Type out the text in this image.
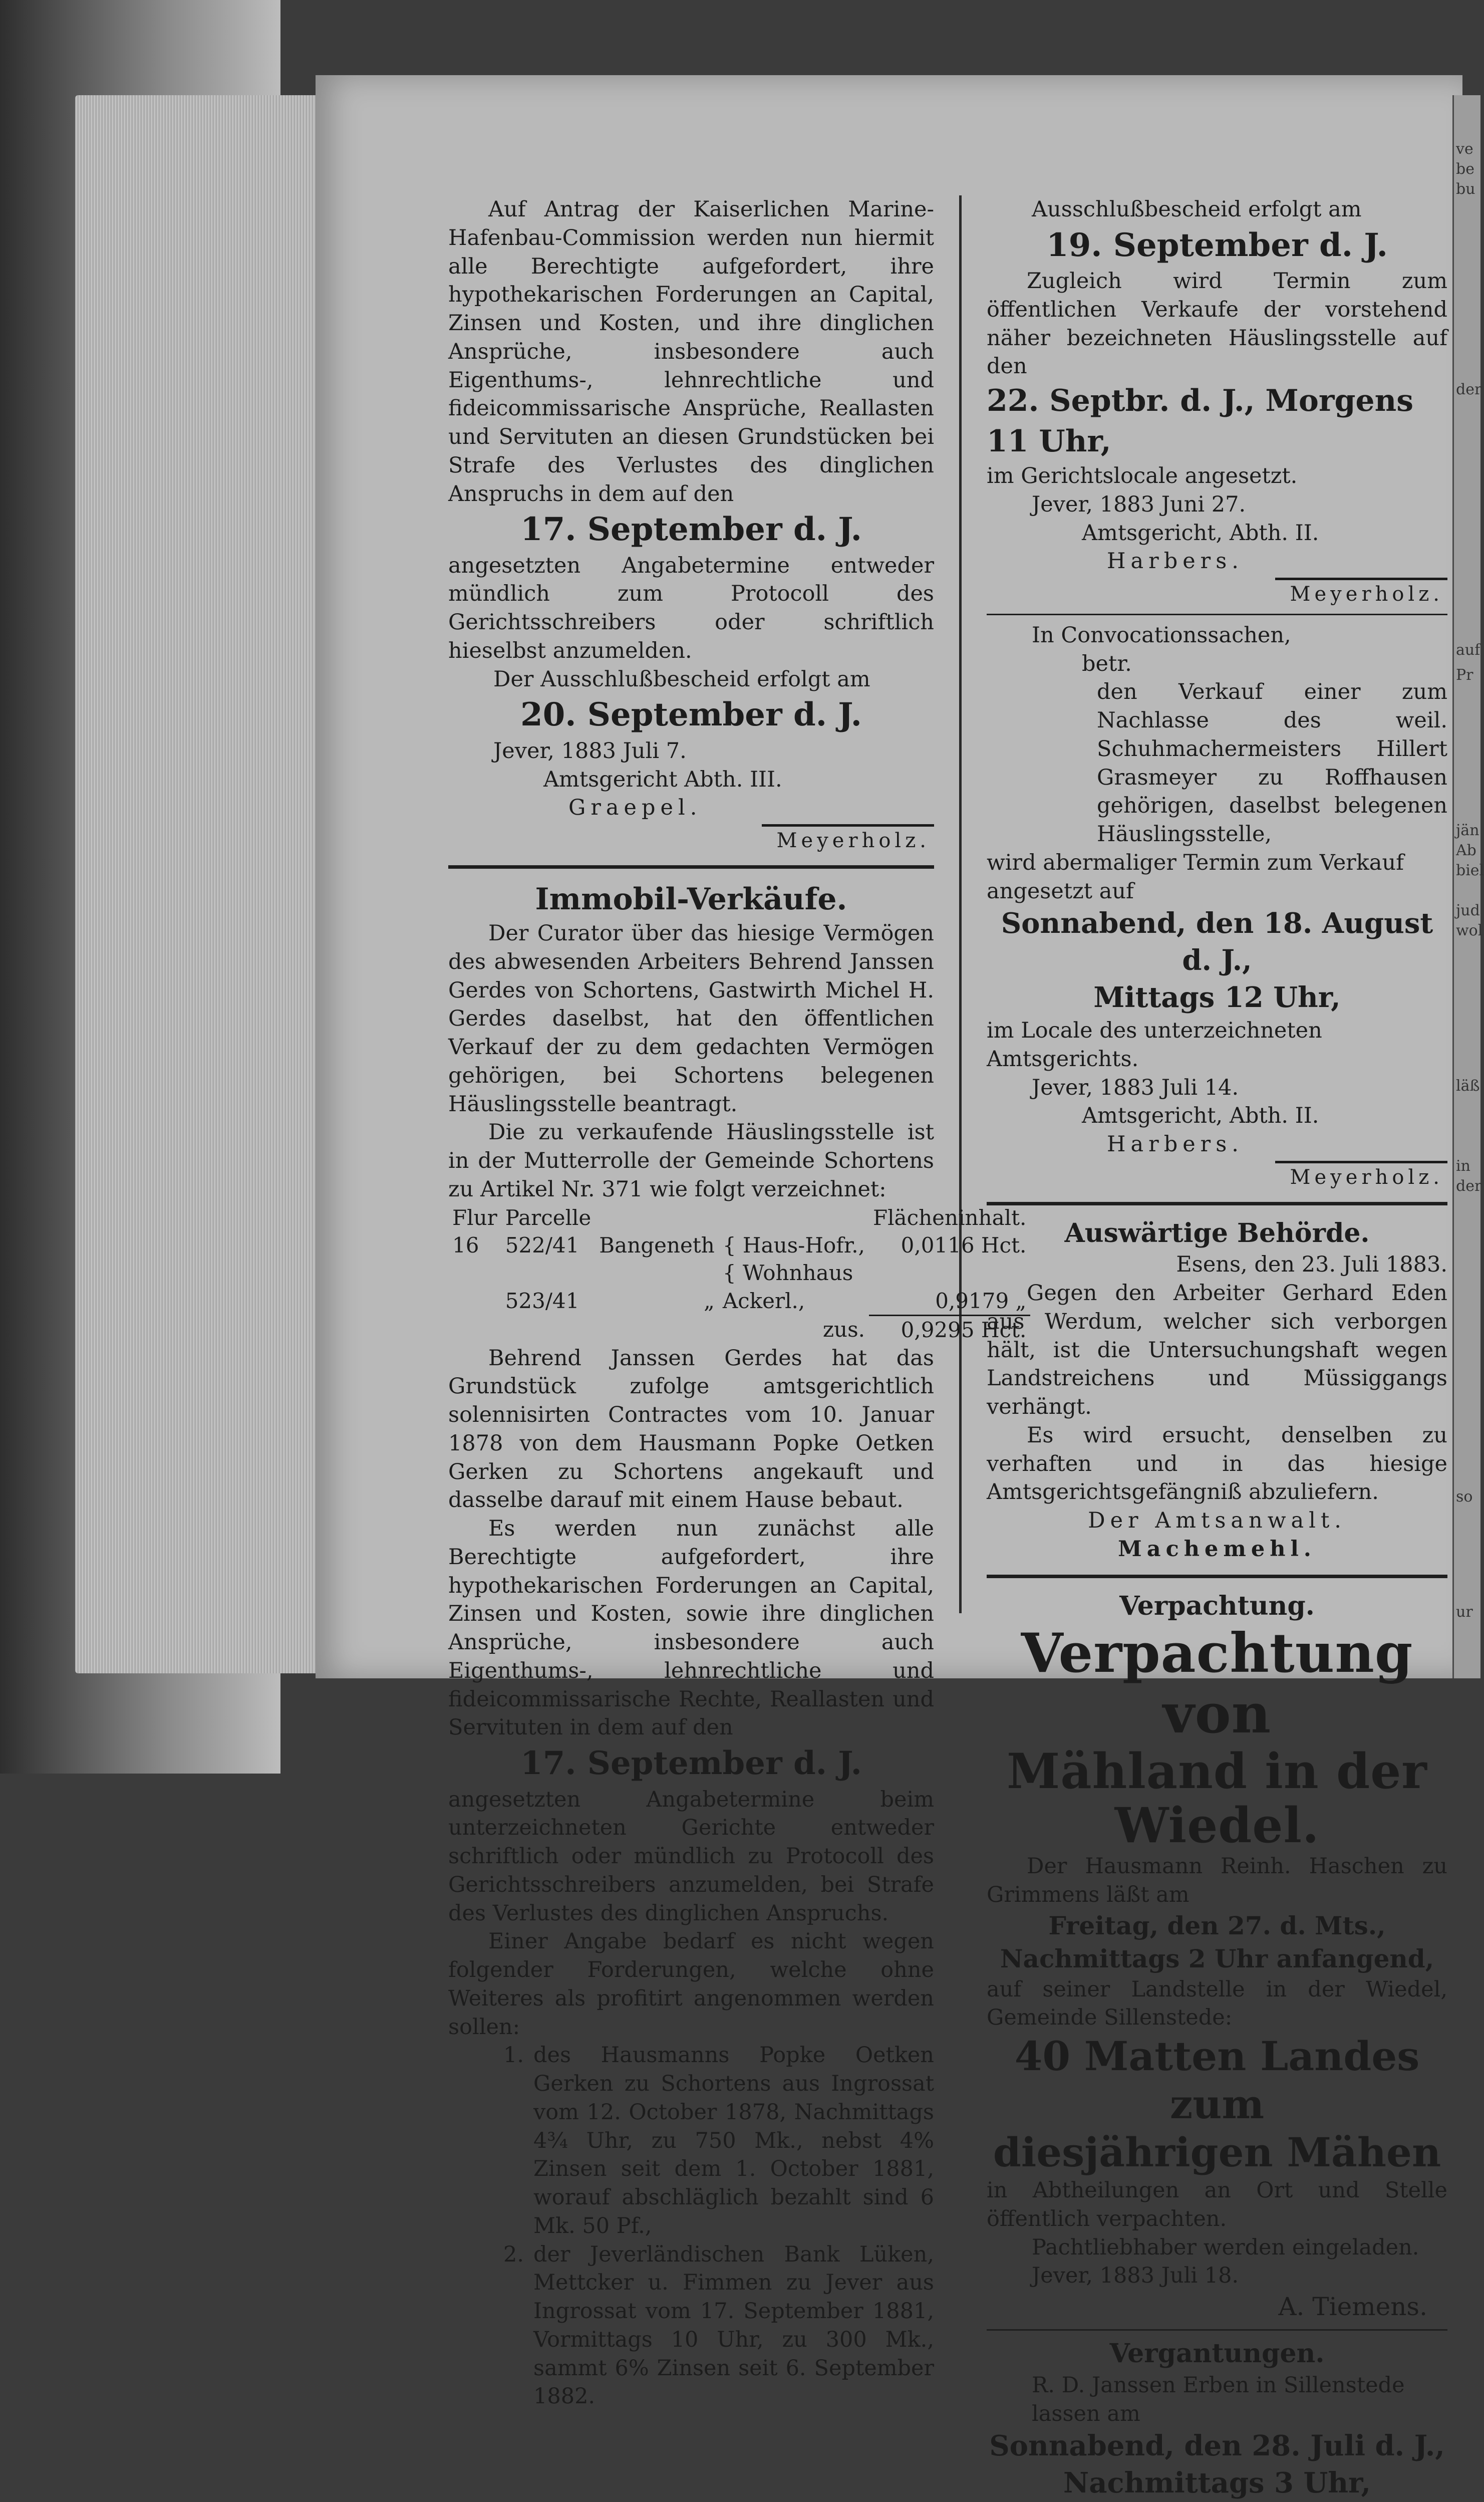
ve
be
bu
der
auf
Pr
jän
Ab
biel
jud
wol
läß
in
der
so
ur

Auf Antrag der Kaiserlichen Marine-Hafenbau-Commission werden nun hiermit alle Berechtigte aufgefordert, ihre hypothekarischen Forderungen an Capital, Zinsen und Kosten, und ihre dinglichen Ansprüche, insbesondere auch Eigenthums-, lehnrechtliche und fideicommissarische Ansprüche, Reallasten und Servituten an diesen Grundstücken bei Strafe des Verlustes des dinglichen Anspruchs in dem auf den

17. September d. J.

angesetzten Angabetermine entweder mündlich zum Protocoll des Gerichtsschreibers oder schriftlich hieselbst anzumelden.

Der Ausschlußbescheid erfolgt am

20. September d. J.

Jever, 1883 Juli 7.

Amtsgericht Abth. III.

Graepel.

Meyerholz.

Immobil-Verkäufe.

Der Curator über das hiesige Vermögen des abwesenden Arbeiters Behrend Janssen Gerdes von Schortens, Gastwirth Michel H. Gerdes daselbst, hat den öffentlichen Verkauf der zu dem gedachten Vermögen gehörigen, bei Schortens belegenen Häuslingsstelle beantragt.

Die zu verkaufende Häuslingsstelle ist in der Mutterrolle der Gemeinde Schortens zu Artikel Nr. 371 wie folgt verzeichnet:

Flur	Parcelle			Flächeninhalt.
16	522/41	Bangeneth	{ Haus-Hofr.,	0,0116 Hct.
			{ Wohnhaus	
	523/41	„	Ackerl.,	0,9179 „
			zus.	0,9295 Hct.

Behrend Janssen Gerdes hat das Grundstück zufolge amtsgerichtlich solennisirten Contractes vom 10. Januar 1878 von dem Hausmann Popke Oetken Gerken zu Schortens angekauft und dasselbe darauf mit einem Hause bebaut.

Es werden nun zunächst alle Berechtigte aufgefordert, ihre hypothekarischen Forderungen an Capital, Zinsen und Kosten, sowie ihre dinglichen Ansprüche, insbesondere auch Eigenthums-, lehnrechtliche und fideicommissarische Rechte, Reallasten und Servituten in dem auf den

17. September d. J.

angesetzten Angabetermine beim unterzeichneten Gerichte entweder schriftlich oder mündlich zu Protocoll des Gerichtsschreibers anzumelden, bei Strafe des Verlustes des dinglichen Anspruchs.

Einer Angabe bedarf es nicht wegen folgender Forderungen, welche ohne Weiteres als profitirt angenommen werden sollen:

1. des Hausmanns Popke Oetken Gerken zu Schortens aus Ingrossat vom 12. October 1878, Nachmittags 4¾ Uhr, zu 750 Mk., nebst 4% Zinsen seit dem 1. October 1881, worauf abschläglich bezahlt sind 6 Mk. 50 Pf.,
2. der Jeverländischen Bank Lüken, Mettcker u. Fimmen zu Jever aus Ingrossat vom 17. September 1881, Vormittags 10 Uhr, zu 300 Mk., sammt 6% Zinsen seit 6. September 1882.

Ausschlußbescheid erfolgt am

19. September d. J.

Zugleich wird Termin zum öffentlichen Verkaufe der vorstehend näher bezeichneten Häuslingsstelle auf den

22. Septbr. d. J., Morgens 11 Uhr,

im Gerichtslocale angesetzt.

Jever, 1883 Juni 27.

Amtsgericht, Abth. II.

Harbers.

Meyerholz.

In Convocationssachen,

betr.

den Verkauf einer zum Nachlasse des weil. Schuhmachermeisters Hillert Grasmeyer zu Roffhausen gehörigen, daselbst belegenen Häuslingsstelle,

wird abermaliger Termin zum Verkauf angesetzt auf

Sonnabend, den 18. August d. J.,

Mittags 12 Uhr,

im Locale des unterzeichneten Amtsgerichts.

Jever, 1883 Juli 14.

Amtsgericht, Abth. II.

Harbers.

Meyerholz.

Auswärtige Behörde.

Esens, den 23. Juli 1883.

Gegen den Arbeiter Gerhard Eden aus Werdum, welcher sich verborgen hält, ist die Untersuchungshaft wegen Landstreichens und Müssiggangs verhängt.

Es wird ersucht, denselben zu verhaften und in das hiesige Amtsgerichtsgefängniß abzuliefern.

Der Amtsanwalt.

Machemehl.

Verpachtung.

Verpachtung von

Mähland in der Wiedel.

Der Hausmann Reinh. Haschen zu Grimmens läßt am

Freitag, den 27. d. Mts.,

Nachmittags 2 Uhr anfangend,

auf seiner Landstelle in der Wiedel, Gemeinde Sillenstede:

40 Matten Landes zum

diesjährigen Mähen

in Abtheilungen an Ort und Stelle öffentlich verpachten.

Pachtliebhaber werden eingeladen.

Jever, 1883 Juli 18.

A. Tiemens.

Vergantungen.

R. D. Janssen Erben in Sillenstede lassen am

Sonnabend, den 28. Juli d. J.,

Nachmittags 3 Uhr,
